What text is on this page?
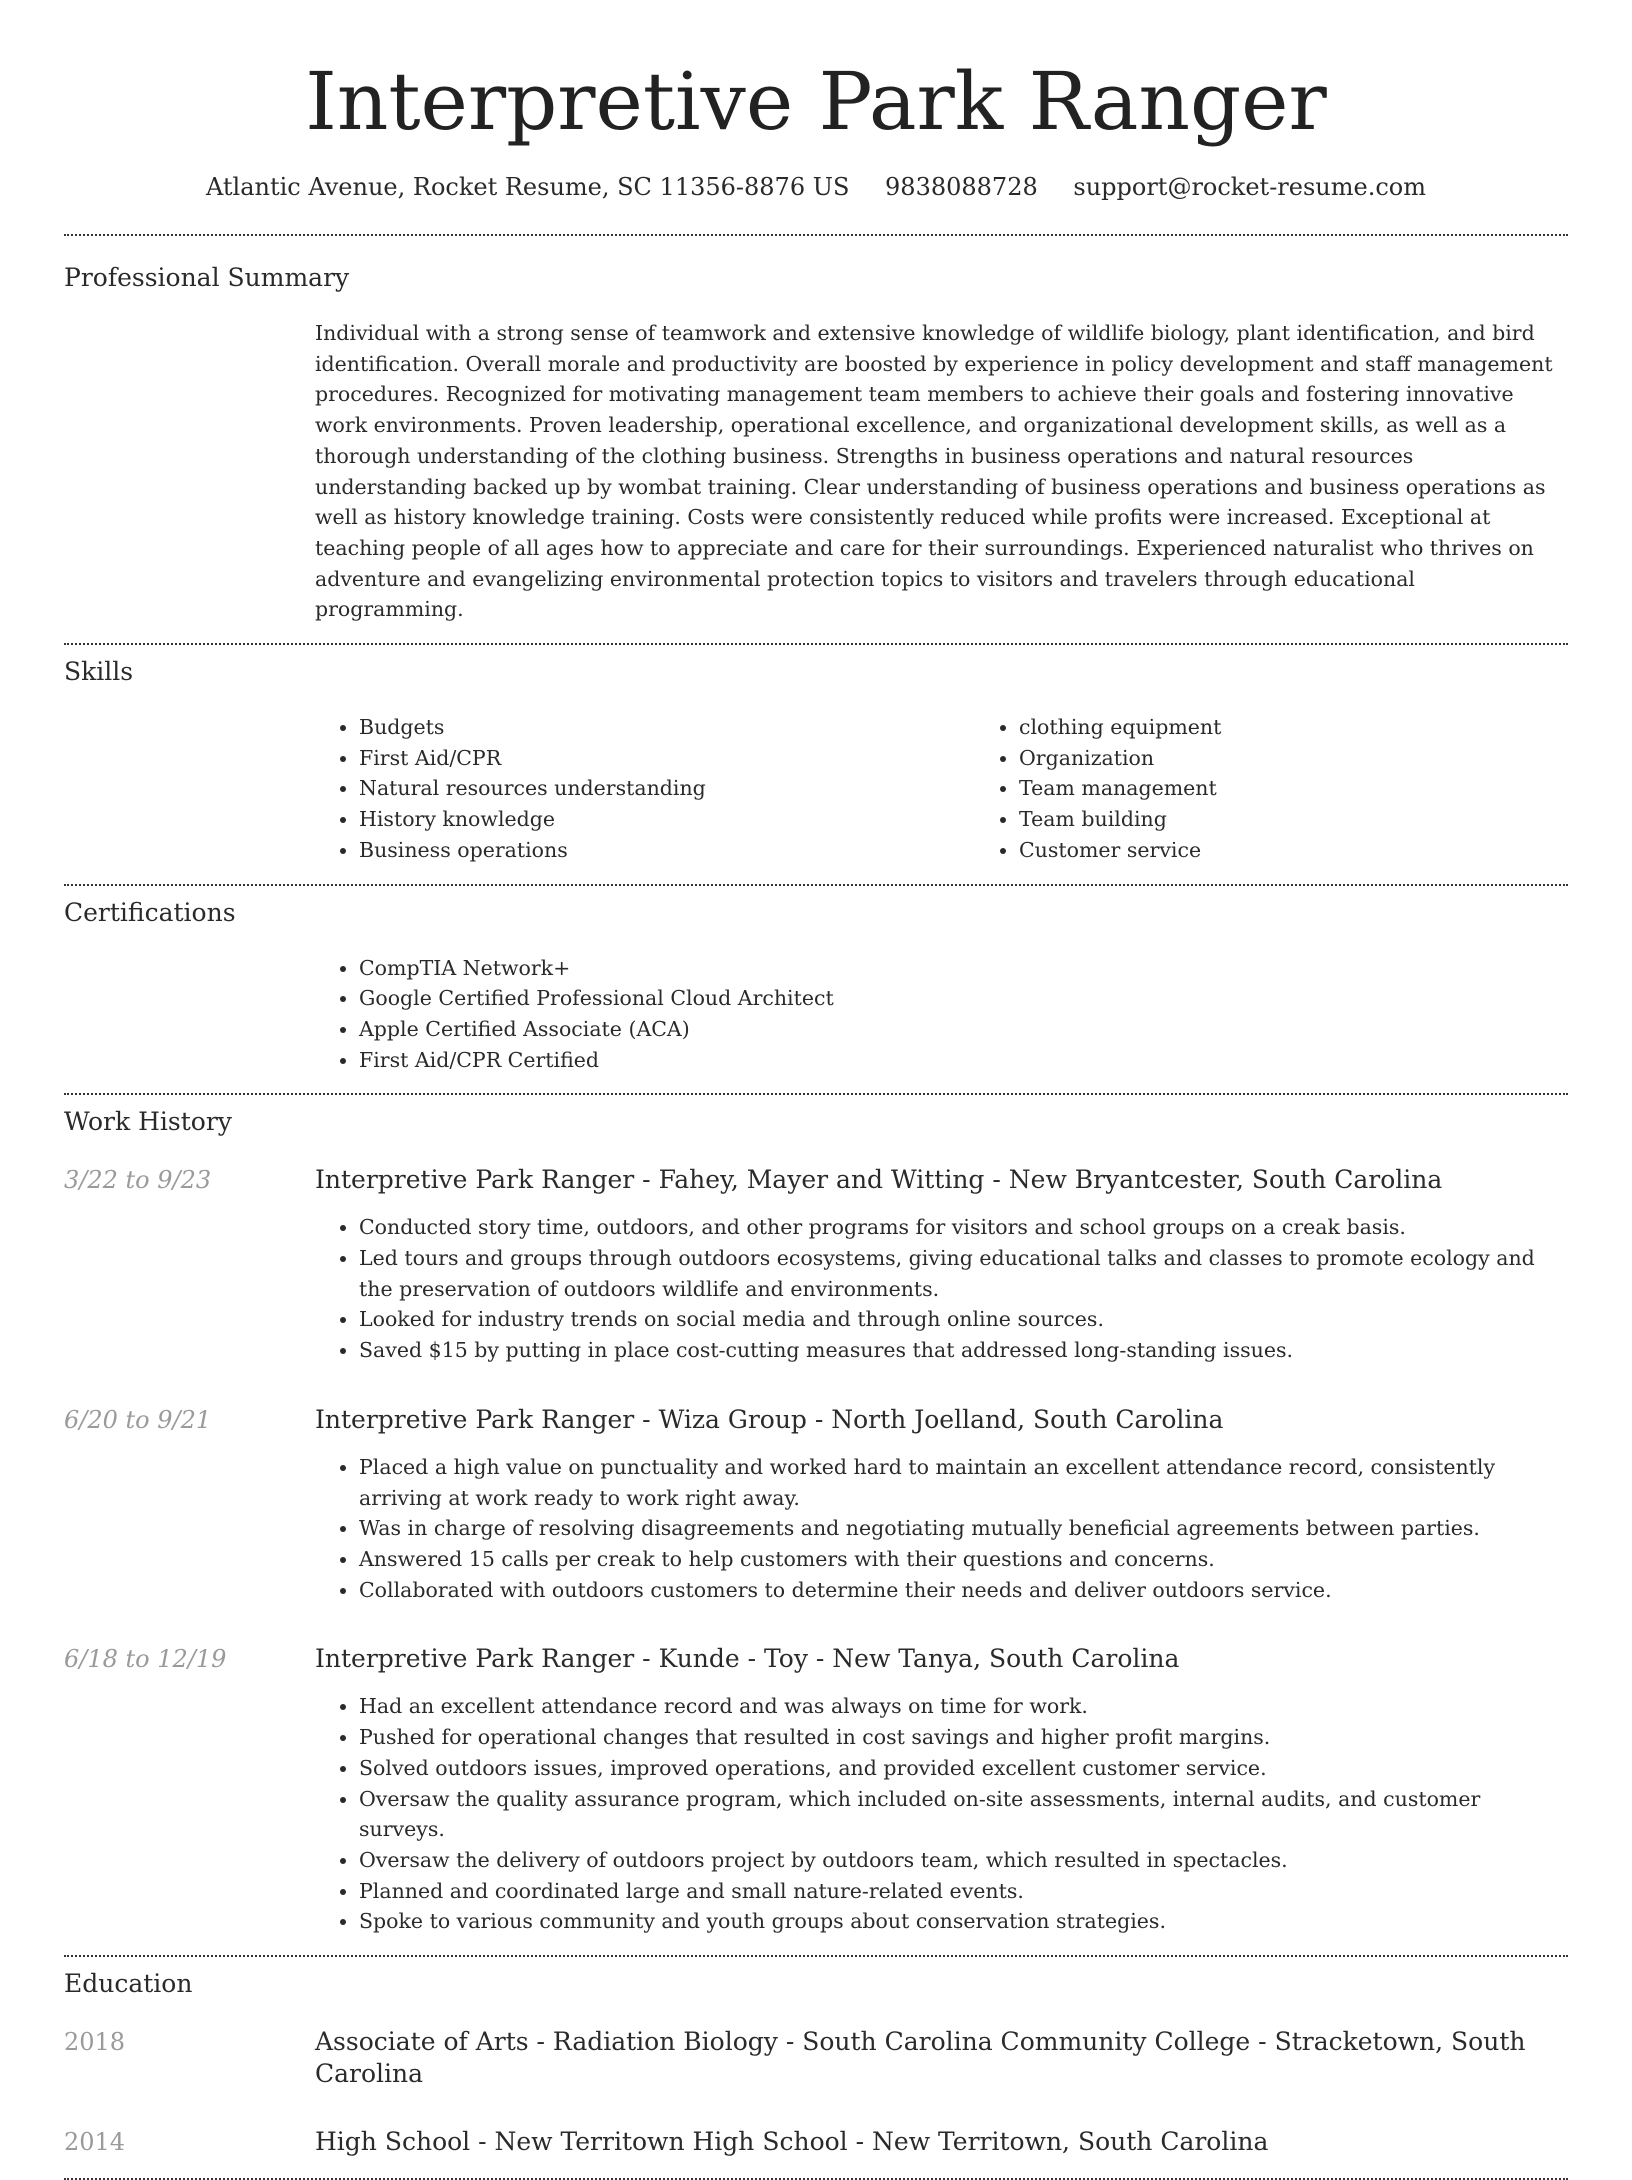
Interpretive Park Ranger
Atlantic Avenue, Rocket Resume, SC 11356-8876 US 9838088728 support@rocket-resume.com
Professional Summary
Individual with a strong sense of teamwork and extensive knowledge of wildlife biology, plant identification, and bird identification. Overall morale and productivity are boosted by experience in policy development and staff management procedures. Recognized for motivating management team members to achieve their goals and fostering innovative work environments. Proven leadership, operational excellence, and organizational development skills, as well as a thorough understanding of the clothing business. Strengths in business operations and natural resources understanding backed up by wombat training. Clear understanding of business operations and business operations as well as history knowledge training. Costs were consistently reduced while profits were increased. Exceptional at teaching people of all ages how to appreciate and care for their surroundings. Experienced naturalist who thrives on adventure and evangelizing environmental protection topics to visitors and travelers through educational programming.
Skills
• Budgets
• First Aid/CPR
• Natural resources understanding
• History knowledge
• Business operations
• clothing equipment
• Organization
• Team management
• Team building
• Customer service
Certifications
• CompTIA Network+
• Google Certified Professional Cloud Architect
• Apple Certified Associate (ACA)
• First Aid/CPR Certified
Work History
3/22 to 9/23	Interpretive Park Ranger - Fahey, Mayer and Witting - New Bryantcester, South Carolina
• Conducted story time, outdoors, and other programs for visitors and school groups on a creak basis.
• Led tours and groups through outdoors ecosystems, giving educational talks and classes to promote ecology and the preservation of outdoors wildlife and environments.
• Looked for industry trends on social media and through online sources.
• Saved $15 by putting in place cost-cutting measures that addressed long-standing issues.
6/20 to 9/21	Interpretive Park Ranger - Wiza Group - North Joelland, South Carolina
• Placed a high value on punctuality and worked hard to maintain an excellent attendance record, consistently arriving at work ready to work right away.
• Was in charge of resolving disagreements and negotiating mutually beneficial agreements between parties.
• Answered 15 calls per creak to help customers with their questions and concerns.
• Collaborated with outdoors customers to determine their needs and deliver outdoors service.
6/18 to 12/19	Interpretive Park Ranger - Kunde - Toy - New Tanya, South Carolina
• Had an excellent attendance record and was always on time for work.
• Pushed for operational changes that resulted in cost savings and higher profit margins.
• Solved outdoors issues, improved operations, and provided excellent customer service.
• Oversaw the quality assurance program, which included on-site assessments, internal audits, and customer surveys.
• Oversaw the delivery of outdoors project by outdoors team, which resulted in spectacles.
• Planned and coordinated large and small nature-related events.
• Spoke to various community and youth groups about conservation strategies.
Education
2018	Associate of Arts - Radiation Biology - South Carolina Community College - Stracketown, South Carolina
2014	High School - New Territown High School - New Territown, South Carolina
